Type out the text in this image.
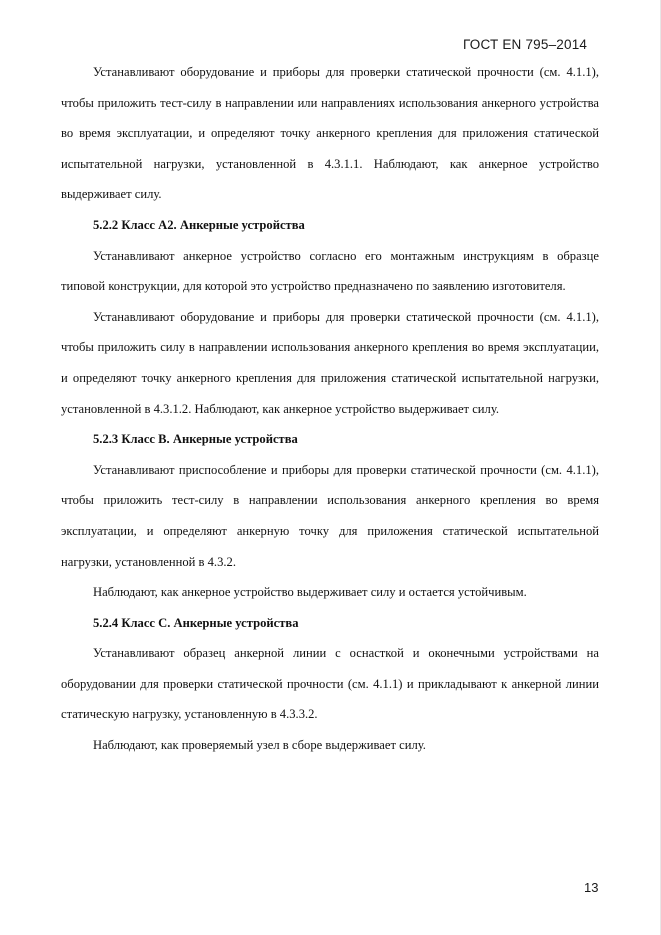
ГОСТ EN 795–2014

Устанавливают оборудование и приборы для проверки статической прочности (см. 4.1.1), чтобы приложить тест-силу в направлении или направлениях использования анкерного устройства во время эксплуатации, и определяют точку анкерного крепления для приложения статической испытательной нагрузки, установленной в 4.3.1.1. Наблюдают, как анкерное устройство выдерживает силу.

5.2.2 Класс А2. Анкерные устройства

Устанавливают анкерное устройство согласно его монтажным инструкциям в образце типовой конструкции, для которой это устройство предназначено по заявлению изготовителя.

Устанавливают оборудование и приборы для проверки статической прочности (см. 4.1.1), чтобы приложить силу в направлении использования анкерного крепления во время эксплуатации, и определяют точку анкерного крепления для приложения статической испытательной нагрузки, установленной в 4.3.1.2. Наблюдают, как анкерное устройство выдерживает силу.

5.2.3 Класс В. Анкерные устройства

Устанавливают приспособление и приборы для проверки статической прочности (см. 4.1.1), чтобы приложить тест-силу в направлении использования анкерного крепления во время эксплуатации, и определяют анкерную точку для приложения статической испытательной нагрузки, установленной в 4.3.2.

Наблюдают, как анкерное устройство выдерживает силу и остается устойчивым.

5.2.4 Класс С. Анкерные устройства

Устанавливают образец анкерной линии с оснасткой и оконечными устройствами на оборудовании для проверки статической прочности (см. 4.1.1) и прикладывают к анкерной линии статическую нагрузку, установленную в 4.3.3.2.

Наблюдают, как проверяемый узел в сборе выдерживает силу.

13
